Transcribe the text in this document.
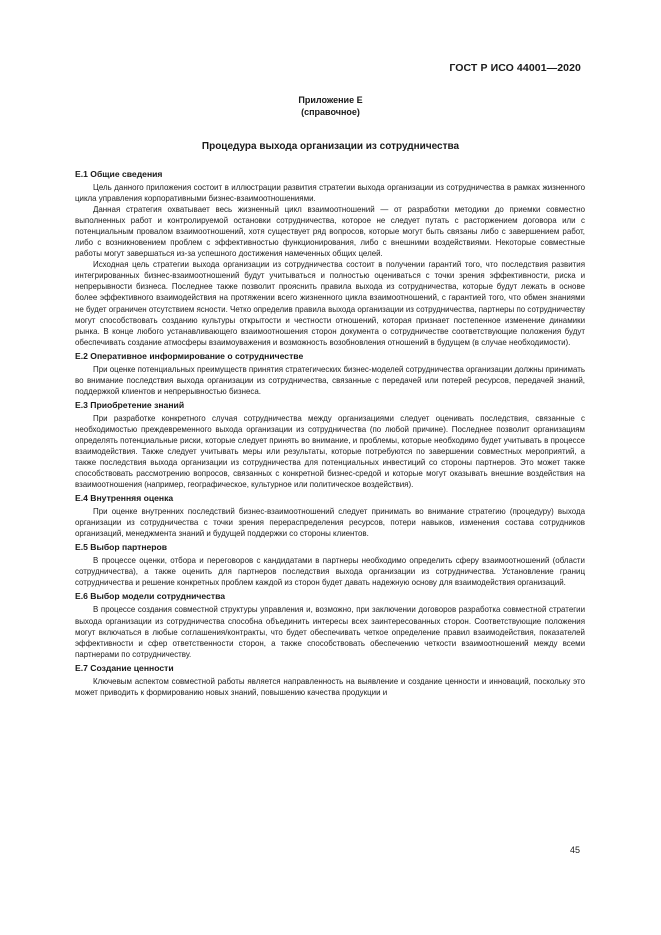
ГОСТ Р ИСО 44001—2020
Приложение Е
(справочное)
Процедура выхода организации из сотрудничества
Е.1 Общие сведения

Цель данного приложения состоит в иллюстрации развития стратегии выхода организации из сотрудничества в рамках жизненного цикла управления корпоративными бизнес-взаимоотношениями.

Данная стратегия охватывает весь жизненный цикл взаимоотношений — от разработки методики до приемки совместно выполненных работ и контролируемой остановки сотрудничества, которое не следует путать с расторжением договора или с потенциальным провалом взаимоотношений, хотя существует ряд вопросов, которые могут быть связаны либо с завершением работ, либо с возникновением проблем с эффективностью функционирования, либо с внешними воздействиями. Некоторые совместные работы могут завершаться из-за успешного достижения намеченных общих целей.

Исходная цель стратегии выхода организации из сотрудничества состоит в получении гарантий того, что последствия развития интегрированных бизнес-взаимоотношений будут учитываться и полностью оцениваться с точки зрения эффективности, риска и непрерывности бизнеса. Последнее также позволит прояснить правила выхода из сотрудничества, которые будут лежать в основе более эффективного взаимодействия на протяжении всего жизненного цикла взаимоотношений, с гарантией того, что обмен знаниями не будет ограничен отсутствием ясности. Четко определив правила выхода организации из сотрудничества, партнеры по сотрудничеству могут способствовать созданию культуры открытости и честности отношений, которая признает постепенное изменение динамики рынка. В конце любого устанавливающего взаимоотношения сторон документа о сотрудничестве соответствующие положения будут обеспечивать создание атмосферы взаимоуважения и возможность возобновления отношений в будущем (в случае необходимости).

Е.2 Оперативное информирование о сотрудничестве

При оценке потенциальных преимуществ принятия стратегических бизнес-моделей сотрудничества организации должны принимать во внимание последствия выхода организации из сотрудничества, связанные с передачей или потерей ресурсов, передачей знаний, поддержкой клиентов и непрерывностью бизнеса.

Е.3 Приобретение знаний

При разработке конкретного случая сотрудничества между организациями следует оценивать последствия, связанные с необходимостью преждевременного выхода организации из сотрудничества (по любой причине). Последнее позволит организациям определять потенциальные риски, которые следует принять во внимание, и проблемы, которые необходимо будет учитывать в процессе взаимодействия. Также следует учитывать меры или результаты, которые потребуются по завершении совместных мероприятий, а также последствия выхода организации из сотрудничества для потенциальных инвестиций со стороны партнеров. Это может также способствовать рассмотрению вопросов, связанных с конкретной бизнес-средой и которые могут оказывать внешние воздействия на взаимоотношения (например, географическое, культурное или политическое воздействия).

Е.4 Внутренняя оценка

При оценке внутренних последствий бизнес-взаимоотношений следует принимать во внимание стратегию (процедуру) выхода организации из сотрудничества с точки зрения перераспределения ресурсов, потери навыков, изменения состава сотрудников организаций, менеджмента знаний и будущей поддержки со стороны клиентов.

Е.5 Выбор партнеров

В процессе оценки, отбора и переговоров с кандидатами в партнеры необходимо определить сферу взаимоотношений (области сотрудничества), а также оценить для партнеров последствия выхода организации из сотрудничества. Установление границ сотрудничества и решение конкретных проблем каждой из сторон будет давать надежную основу для взаимодействия организаций.

Е.6 Выбор модели сотрудничества

В процессе создания совместной структуры управления и, возможно, при заключении договоров разработка совместной стратегии выхода организации из сотрудничества способна объединить интересы всех заинтересованных сторон. Соответствующие положения могут включаться в любые соглашения/контракты, что будет обеспечивать четкое определение правил взаимодействия, показателей эффективности и сфер ответственности сторон, а также способствовать обеспечению четкости взаимоотношений между всеми партнерами по сотрудничеству.

Е.7 Создание ценности

Ключевым аспектом совместной работы является направленность на выявление и создание ценности и инноваций, поскольку это может приводить к формированию новых знаний, повышению качества продукции и

45
